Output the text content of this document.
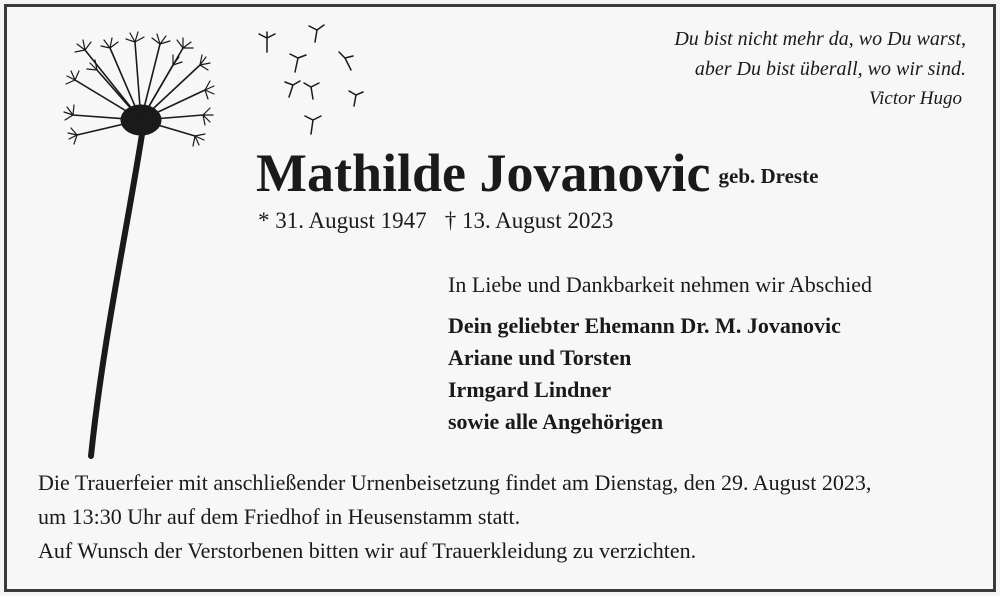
Du bist nicht mehr da, wo Du warst,
aber Du bist überall, wo wir sind.
Victor Hugo
Mathilde Jovanovic geb. Dreste
* 31. August 1947 † 13. August 2023
In Liebe und Dankbarkeit nehmen wir Abschied
Dein geliebter Ehemann Dr. M. Jovanovic
Ariane und Torsten
Irmgard Lindner
sowie alle Angehörigen
Die Trauerfeier mit anschließender Urnenbeisetzung findet am Dienstag, den 29. August 2023,
um 13:30 Uhr auf dem Friedhof in Heusenstamm statt.
Auf Wunsch der Verstorbenen bitten wir auf Trauerkleidung zu verzichten.
